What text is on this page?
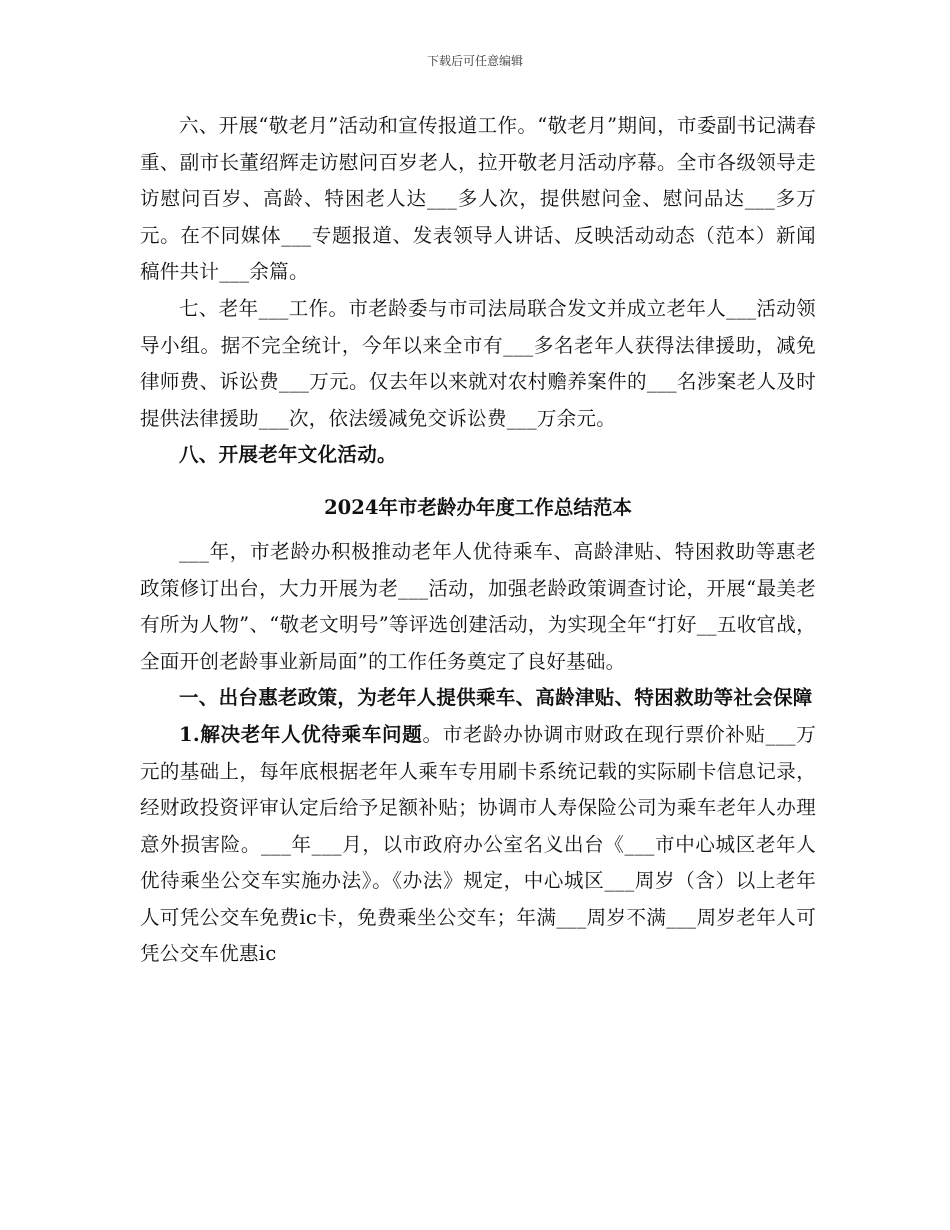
下载后可任意编辑

六、开展“敬老月”活动和宣传报道工作。“敬老月”期间，市委副书记满春重、副市长董绍辉走访慰问百岁老人，拉开敬老月活动序幕。全市各级领导走访慰问百岁、高龄、特困老人达___多人次，提供慰问金、慰问品达___多万元。在不同媒体___专题报道、发表领导人讲话、反映活动动态（范本）新闻稿件共计___余篇。

七、老年___工作。市老龄委与市司法局联合发文并成立老年人___活动领导小组。据不完全统计，今年以来全市有___多名老年人获得法律援助，减免律师费、诉讼费___万元。仅去年以来就对农村赡养案件的___名涉案老人及时提供法律援助___次，依法缓减免交诉讼费___万余元。

八、开展老年文化活动。

2024年市老龄办年度工作总结范本

___年，市老龄办积极推动老年人优待乘车、高龄津贴、特困救助等惠老政策修订出台，大力开展为老___活动，加强老龄政策调查讨论，开展“最美老有所为人物”、“敬老文明号”等评选创建活动，为实现全年“打好__五收官战，全面开创老龄事业新局面”的工作任务奠定了良好基础。

一、出台惠老政策，为老年人提供乘车、高龄津贴、特困救助等社会保障

1.解决老年人优待乘车问题。市老龄办协调市财政在现行票价补贴___万元的基础上，每年底根据老年人乘车专用刷卡系统记载的实际刷卡信息记录，经财政投资评审认定后给予足额补贴；协调市人寿保险公司为乘车老年人办理意外损害险。___年___月，以市政府办公室名义出台《___市中心城区老年人优待乘坐公交车实施办法》。《办法》规定，中心城区___周岁（含）以上老年人可凭公交车免费ic卡，免费乘坐公交车；年满___周岁不满___周岁老年人可凭公交车优惠ic
